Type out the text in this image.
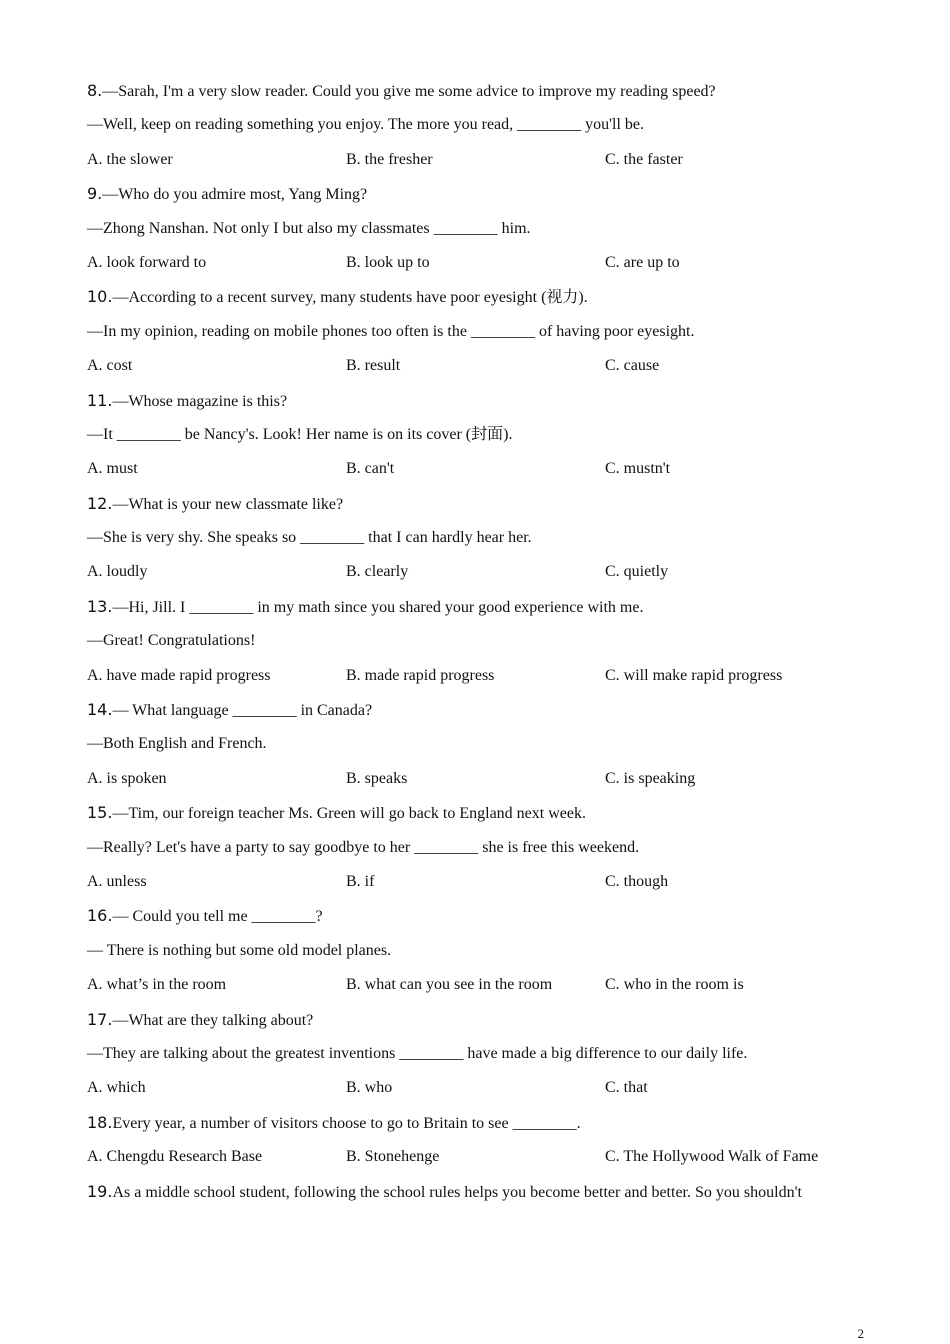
8.—Sarah, I'm a very slow reader. Could you give me some advice to improve my reading speed?
—Well, keep on reading something you enjoy. The more you read, ________ you'll be.
A. the slower	B. the fresher	C. the faster
9.—Who do you admire most, Yang Ming?
—Zhong Nanshan. Not only I but also my classmates ________ him.
A. look forward to	B. look up to	C. are up to
10.—According to a recent survey, many students have poor eyesight (视力).
—In my opinion, reading on mobile phones too often is the ________ of having poor eyesight.
A. cost	B. result	C. cause
11.—Whose magazine is this?
—It ________ be Nancy's. Look! Her name is on its cover (封面).
A. must	B. can't	C. mustn't
12.—What is your new classmate like?
—She is very shy. She speaks so ________ that I can hardly hear her.
A. loudly	B. clearly	C. quietly
13.—Hi, Jill. I ________ in my math since you shared your good experience with me.
—Great! Congratulations!
A. have made rapid progress	B. made rapid progress	C. will make rapid progress
14.— What language ________ in Canada?
—Both English and French.
A. is spoken	B. speaks	C. is speaking
15.—Tim, our foreign teacher Ms. Green will go back to England next week.
—Really? Let's have a party to say goodbye to her ________ she is free this weekend.
A. unless	B. if	C. though
16.— Could you tell me ________?
— There is nothing but some old model planes.
A. what’s in the room	B. what can you see in the room	C. who in the room is
17.—What are they talking about?
—They are talking about the greatest inventions ________ have made a big difference to our daily life.
A. which	B. who	C. that
18.Every year, a number of visitors choose to go to Britain to see ________.
A. Chengdu Research Base	B. Stonehenge	C. The Hollywood Walk of Fame
19.As a middle school student, following the school rules helps you become better and better. So you shouldn't
2
